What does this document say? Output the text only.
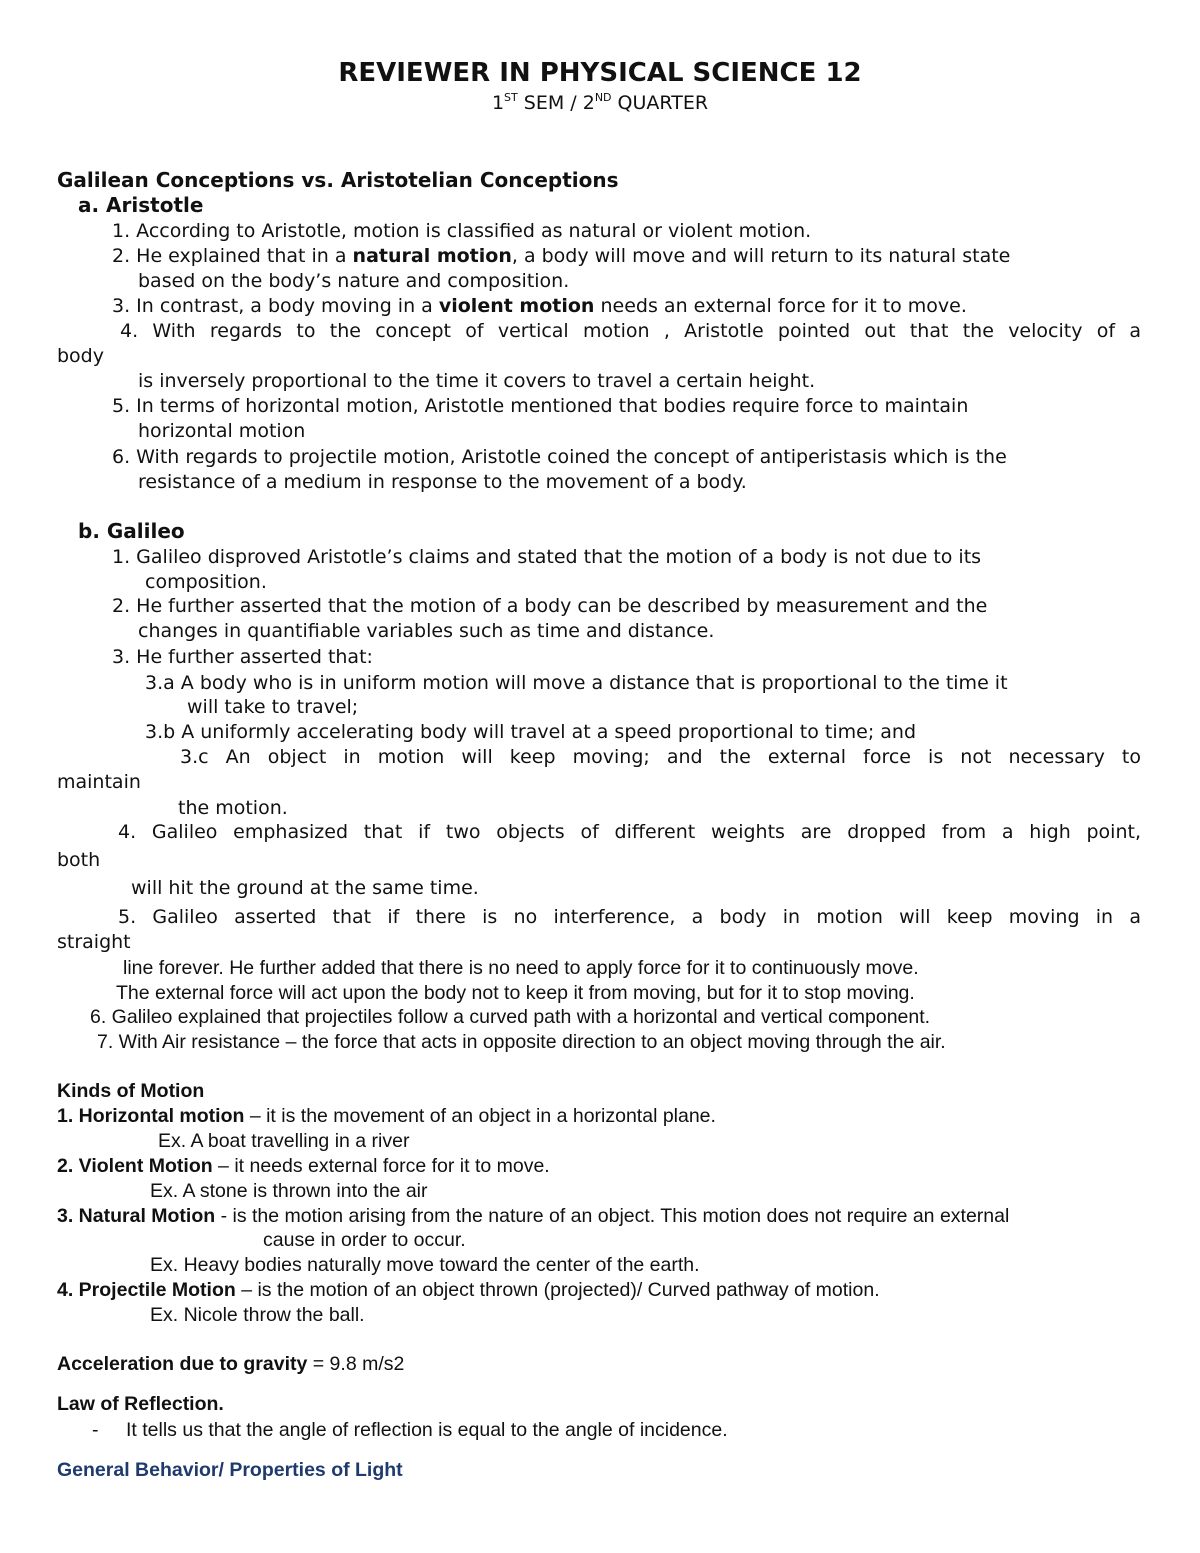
REVIEWER IN PHYSICAL SCIENCE 12
1ST SEM / 2ND QUARTER
Galilean Conceptions vs. Aristotelian Conceptions
a. Aristotle
1. According to Aristotle, motion is classified as natural or violent motion.
2. He explained that in a natural motion, a body will move and will return to its natural state
based on the body’s nature and composition.
3. In contrast, a body moving in a violent motion needs an external force for it to move.
4. With regards to the concept of vertical motion , Aristotle pointed out that the velocity of a
body
is inversely proportional to the time it covers to travel a certain height.
5. In terms of horizontal motion, Aristotle mentioned that bodies require force to maintain
horizontal motion
6. With regards to projectile motion, Aristotle coined the concept of antiperistasis which is the
resistance of a medium in response to the movement of a body.
b. Galileo
1. Galileo disproved Aristotle’s claims and stated that the motion of a body is not due to its
composition.
2. He further asserted that the motion of a body can be described by measurement and the
changes in quantifiable variables such as time and distance.
3. He further asserted that:
3.a A body who is in uniform motion will move a distance that is proportional to the time it
will take to travel;
3.b A uniformly accelerating body will travel at a speed proportional to time; and
3.c An object in motion will keep moving; and the external force is not necessary to
maintain
the motion.
4. Galileo emphasized that if two objects of different weights are dropped from a high point,
both
will hit the ground at the same time.
5. Galileo asserted that if there is no interference, a body in motion will keep moving in a
straight
line forever. He further added that there is no need to apply force for it to continuously move.
The external force will act upon the body not to keep it from moving, but for it to stop moving.
6. Galileo explained that projectiles follow a curved path with a horizontal and vertical component.
7. With Air resistance – the force that acts in opposite direction to an object moving through the air.
Kinds of Motion
1. Horizontal motion – it is the movement of an object in a horizontal plane.
Ex. A boat travelling in a river
2. Violent Motion – it needs external force for it to move.
Ex. A stone is thrown into the air
3. Natural Motion - is the motion arising from the nature of an object. This motion does not require an external
cause in order to occur.
Ex. Heavy bodies naturally move toward the center of the earth.
4. Projectile Motion – is the motion of an object thrown (projected)/ Curved pathway of motion.
Ex. Nicole throw the ball.
Acceleration due to gravity = 9.8 m/s2
Law of Reflection.
- It tells us that the angle of reflection is equal to the angle of incidence.
General Behavior/ Properties of Light
